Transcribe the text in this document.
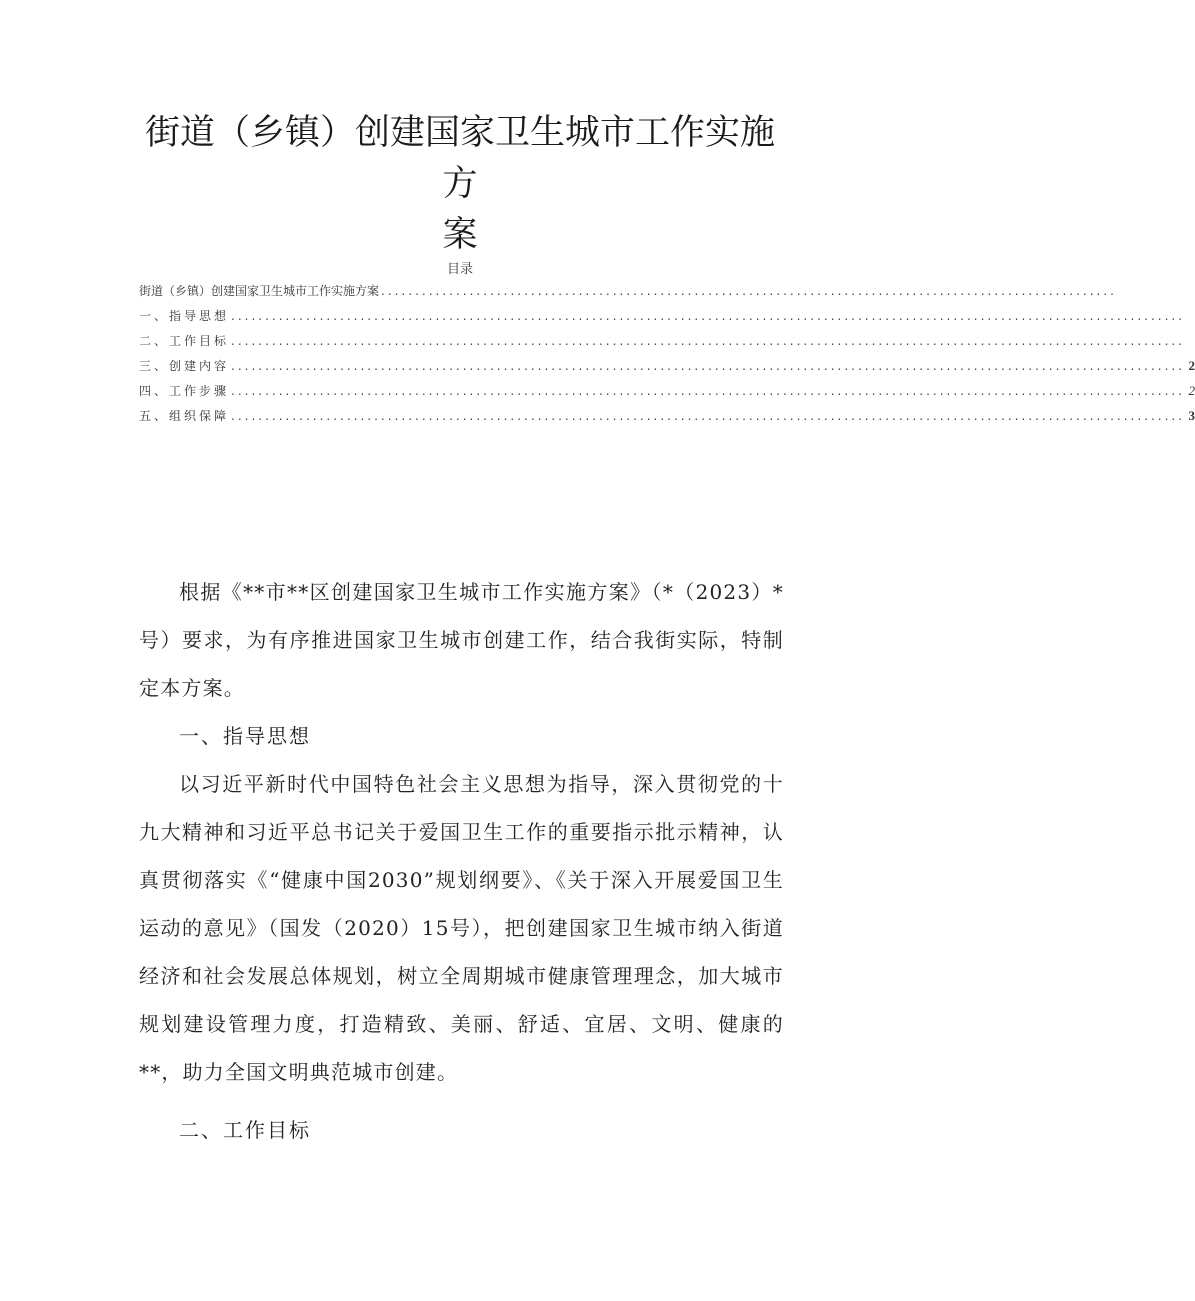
街道（乡镇）创建国家卫生城市工作实施方
案
目录
街道（乡镇）创建国家卫生城市工作实施方案 ............................................................................................................
一、指导思想 ............................................................................................................................................
二、工作目标 ............................................................................................................................................
三、创建内容 ............................................................................................................................................ 2
四、工作步骤 ............................................................................................................................................ 2
五、组织保障 ............................................................................................................................................ 3

根据《**市**区创建国家卫生城市工作实施方案》（*（2023）*号）要求，为有序推进国家卫生城市创建工作，结合我街实际，特制定本方案。

一、指导思想

以习近平新时代中国特色社会主义思想为指导，深入贯彻党的十九大精神和习近平总书记关于爱国卫生工作的重要指示批示精神，认真贯彻落实《“健康中国2030”规划纲要》、《关于深入开展爱国卫生运动的意见》（国发（2020）15号），把创建国家卫生城市纳入街道经济和社会发展总体规划，树立全周期城市健康管理理念，加大城市规划建设管理力度，打造精致、美丽、舒适、宜居、文明、健康的**，助力全国文明典范城市创建。

二、工作目标
